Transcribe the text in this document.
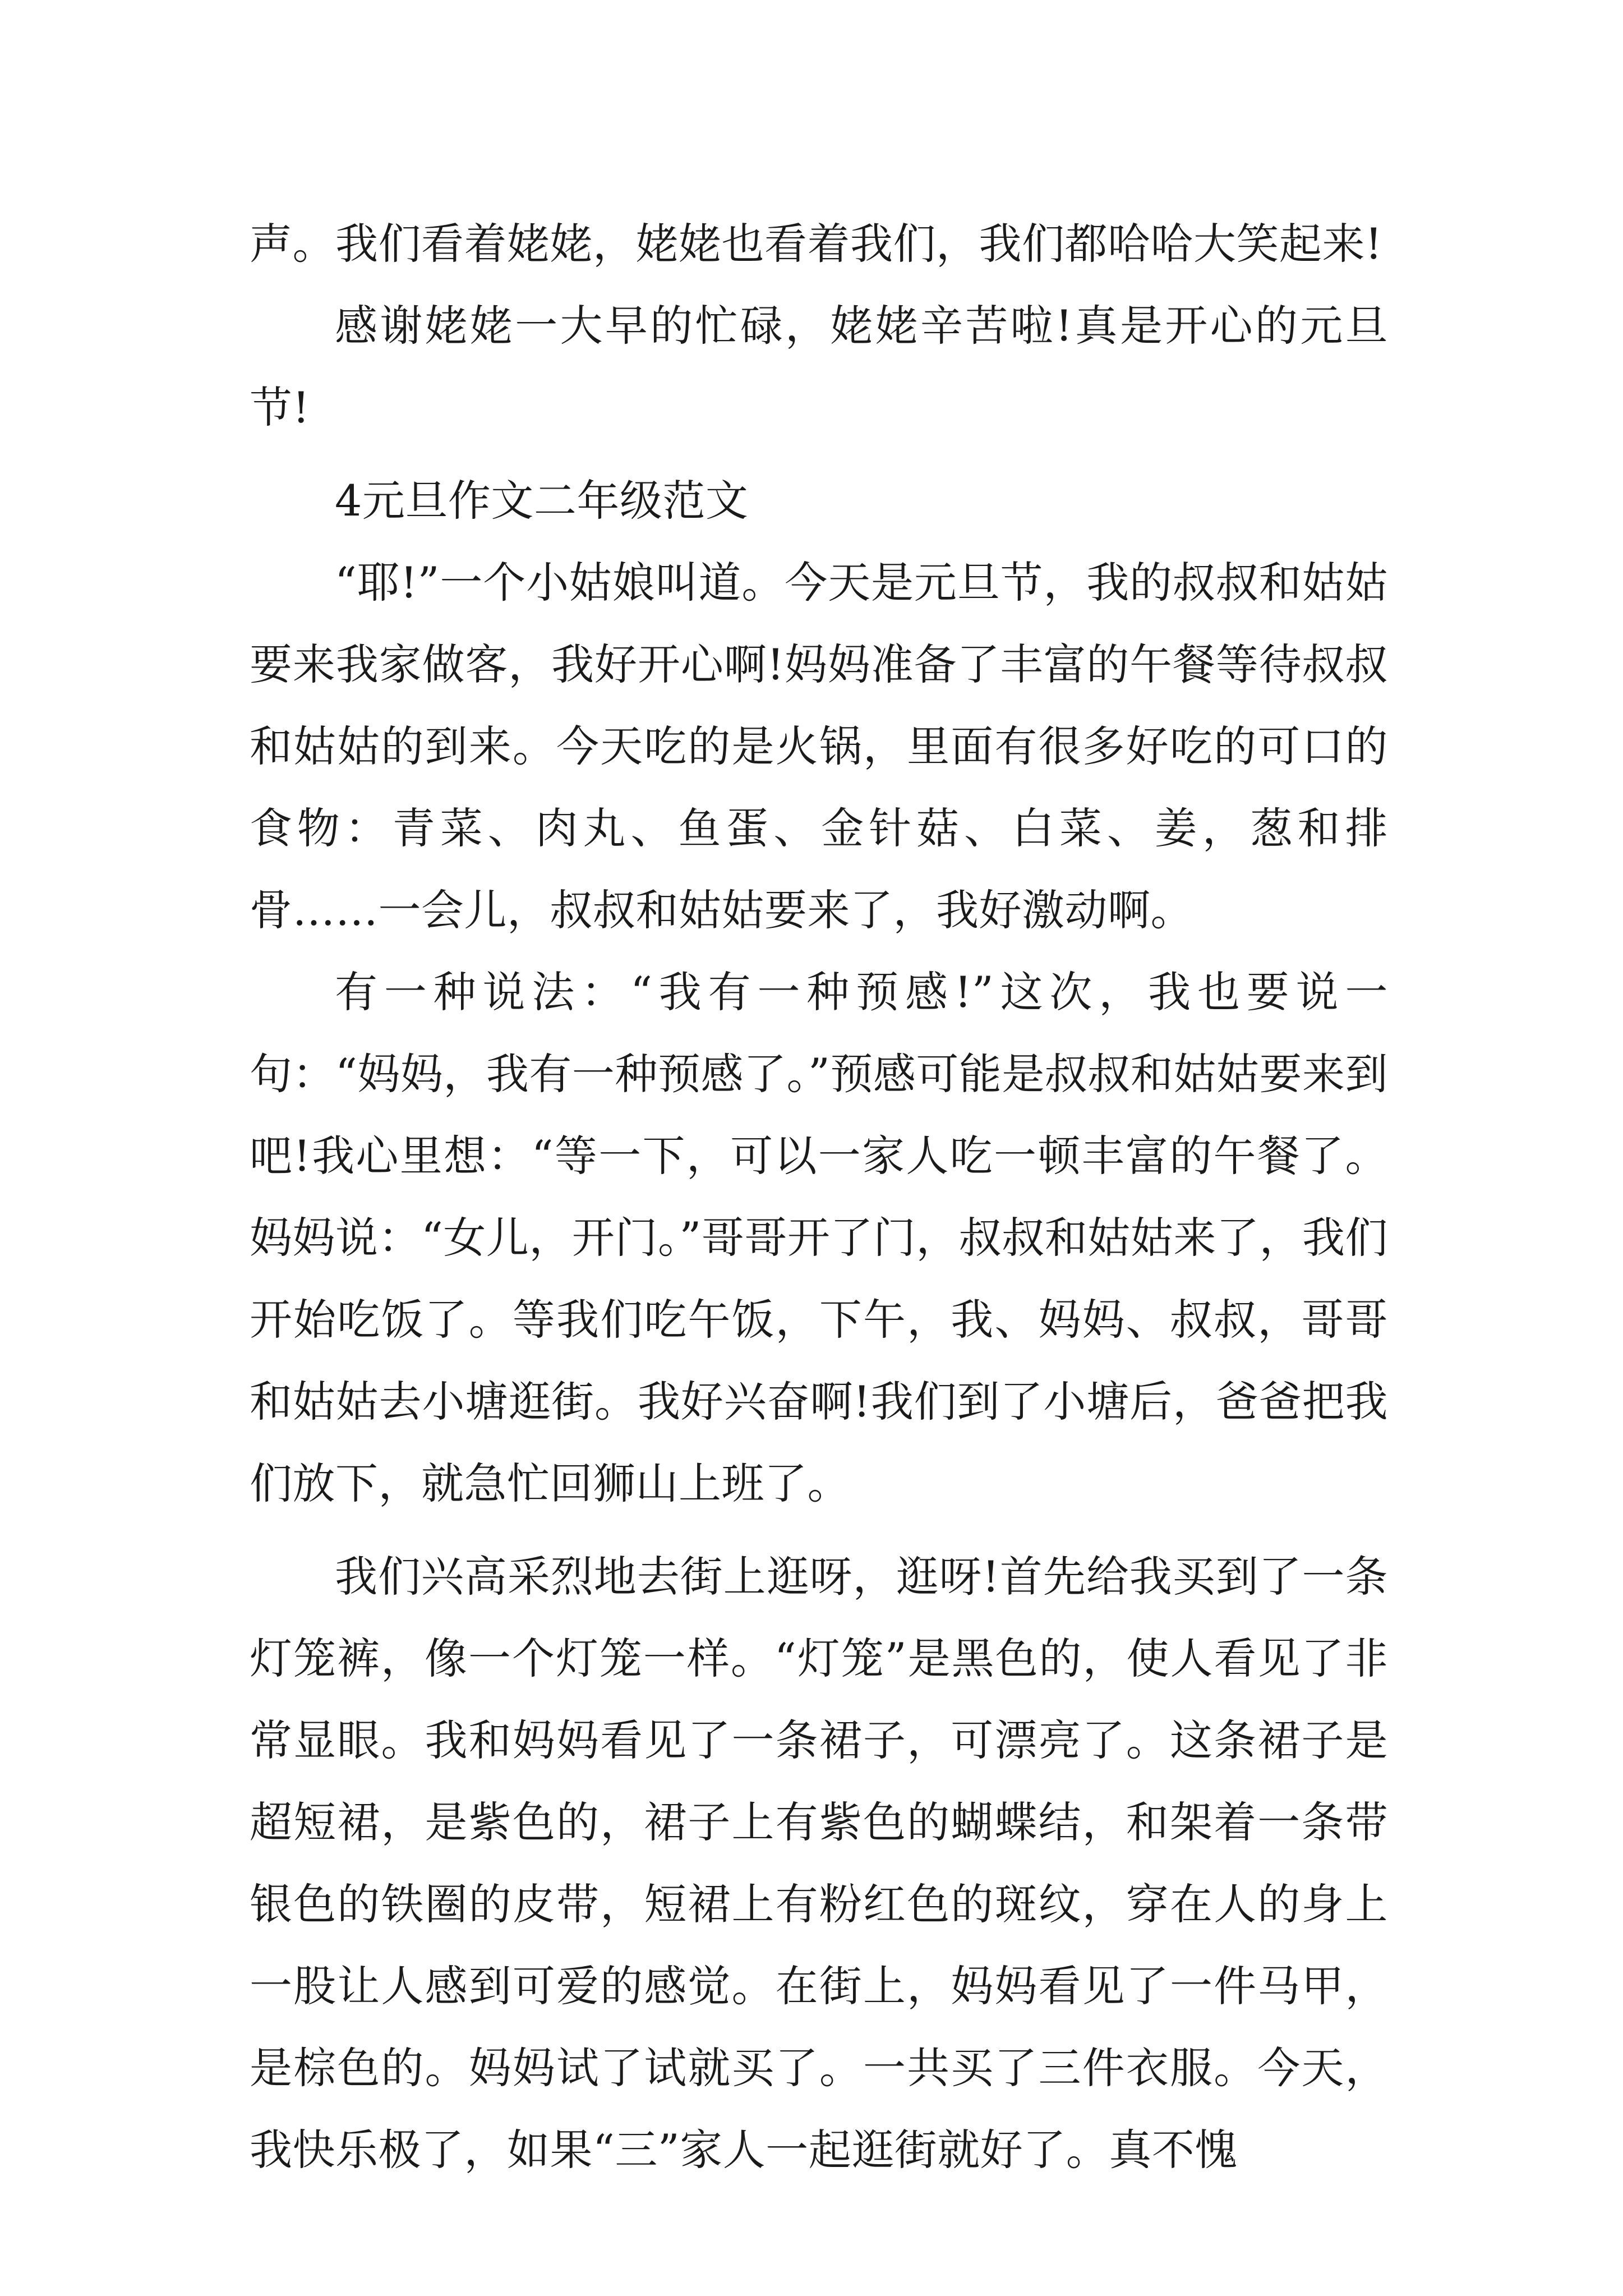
声。我们看着姥姥，姥姥也看着我们，我们都哈哈大笑起来!

感谢姥姥一大早的忙碌，姥姥辛苦啦!真是开心的元旦节!

4元旦作文二年级范文

“耶!”一个小姑娘叫道。今天是元旦节，我的叔叔和姑姑要来我家做客，我好开心啊!妈妈准备了丰富的午餐等待叔叔和姑姑的到来。今天吃的是火锅，里面有很多好吃的可口的食物：青菜、肉丸、鱼蛋、金针菇、白菜、姜，葱和排骨……一会儿，叔叔和姑姑要来了，我好激动啊。

有一种说法：“我有一种预感!”这次，我也要说一句：“妈妈，我有一种预感了。”预感可能是叔叔和姑姑要来到吧!我心里想：“等一下，可以一家人吃一顿丰富的午餐了。妈妈说：“女儿，开门。”哥哥开了门，叔叔和姑姑来了，我们开始吃饭了。等我们吃午饭，下午，我、妈妈、叔叔，哥哥和姑姑去小塘逛街。我好兴奋啊!我们到了小塘后，爸爸把我们放下，就急忙回狮山上班了。

我们兴高采烈地去街上逛呀，逛呀!首先给我买到了一条灯笼裤，像一个灯笼一样。“灯笼”是黑色的，使人看见了非常显眼。我和妈妈看见了一条裙子，可漂亮了。这条裙子是超短裙，是紫色的，裙子上有紫色的蝴蝶结，和架着一条带银色的铁圈的皮带，短裙上有粉红色的斑纹，穿在人的身上一股让人感到可爱的感觉。在街上，妈妈看见了一件马甲，是棕色的。妈妈试了试就买了。一共买了三件衣服。今天，我快乐极了，如果“三”家人一起逛街就好了。真不愧
